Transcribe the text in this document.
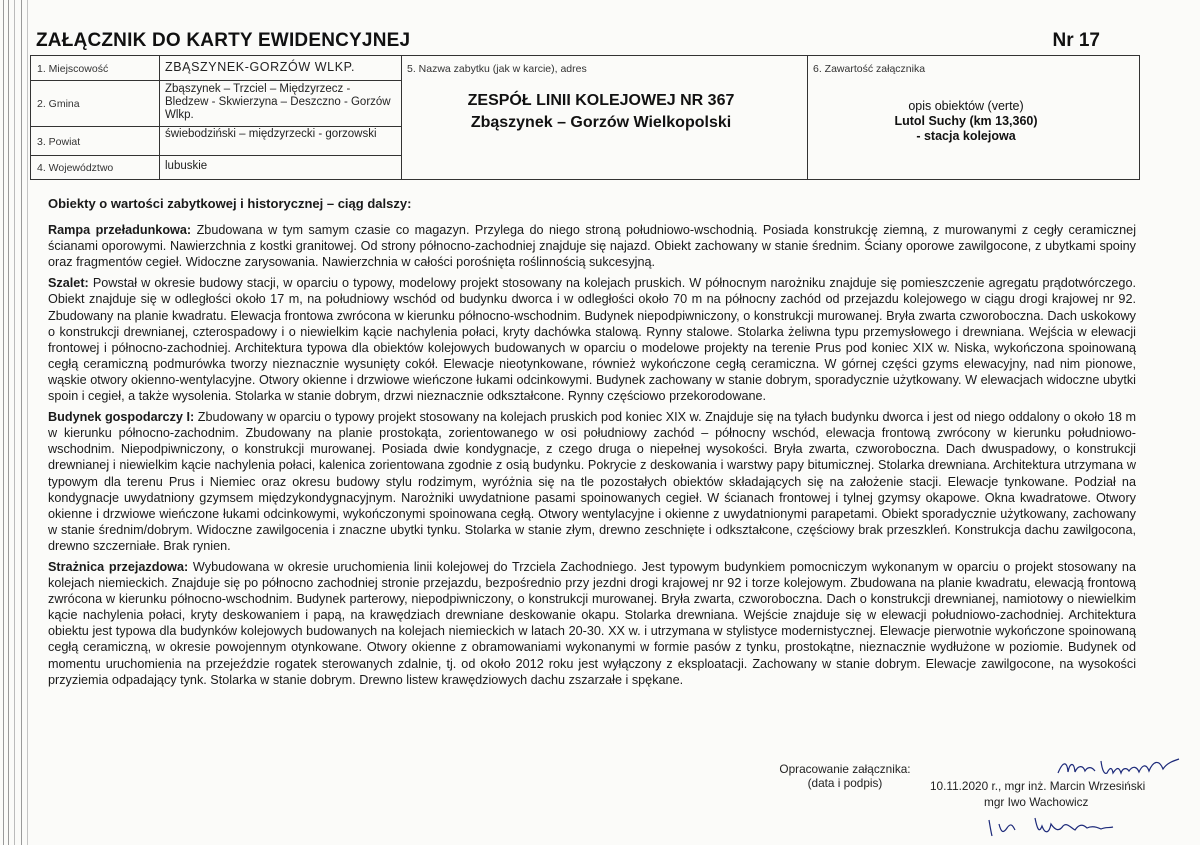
ZAŁĄCZNIK DO KARTY EWIDENCYJNEJ	Nr 17
1. Miejscowość	ZBĄSZYNEK-GORZÓW WLKP.
2. Gmina
Zbąszynek – Trzciel – Międzyrzecz - Bledzew - Skwierzyna – Deszczno - Gorzów Wlkp.
3. Powiat
świebodziński – międzyrzecki - gorzowski
4. Województwo	lubuskie
5. Nazwa zabytku (jak w karcie), adres
ZESPÓŁ LINII KOLEJOWEJ NR 367
Zbąszynek – Gorzów Wielkopolski
6. Zawartość załącznika
opis obiektów (verte)
Lutol Suchy (km 13,360)
- stacja kolejowa
Obiekty o wartości zabytkowej i historycznej – ciąg dalszy:

Rampa przeładunkowa: Zbudowana w tym samym czasie co magazyn. Przylega do niego stroną południowo-wschodnią. Posiada konstrukcję ziemną, z murowanymi z cegły ceramicznej ścianami oporowymi. Nawierzchnia z kostki granitowej. Od strony północno-zachodniej znajduje się najazd. Obiekt zachowany w stanie średnim. Ściany oporowe zawilgocone, z ubytkami spoiny oraz fragmentów cegieł. Widoczne zarysowania. Nawierzchnia w całości porośnięta roślinnością sukcesyjną.

Szalet: Powstał w okresie budowy stacji, w oparciu o typowy, modelowy projekt stosowany na kolejach pruskich. W północnym narożniku znajduje się pomieszczenie agregatu prądotwórczego. Obiekt znajduje się w odległości około 17 m, na południowy wschód od budynku dworca i w odległości około 70 m na północny zachód od przejazdu kolejowego w ciągu drogi krajowej nr 92. Zbudowany na planie kwadratu. Elewacja frontowa zwrócona w kierunku północno-wschodnim. Budynek niepodpiwniczony, o konstrukcji murowanej. Bryła zwarta czworoboczna. Dach uskokowy o konstrukcji drewnianej, czterospadowy i o niewielkim kącie nachylenia połaci, kryty dachówka stalową. Rynny stalowe. Stolarka żeliwna typu przemysłowego i drewniana. Wejścia w elewacji frontowej i północno-zachodniej. Architektura typowa dla obiektów kolejowych budowanych w oparciu o modelowe projekty na terenie Prus pod koniec XIX w. Niska, wykończona spoinowaną cegłą ceramiczną podmurówka tworzy nieznacznie wysunięty cokół. Elewacje nieotynkowane, również wykończone cegłą ceramiczna. W górnej części gzyms elewacyjny, nad nim pionowe, wąskie otwory okienno-wentylacyjne. Otwory okienne i drzwiowe wieńczone łukami odcinkowymi. Budynek zachowany w stanie dobrym, sporadycznie użytkowany. W elewacjach widoczne ubytki spoin i cegieł, a także wysolenia. Stolarka w stanie dobrym, drzwi nieznacznie odkształcone. Rynny częściowo przekorodowane.

Budynek gospodarczy I: Zbudowany w oparciu o typowy projekt stosowany na kolejach pruskich pod koniec XIX w. Znajduje się na tyłach budynku dworca i jest od niego oddalony o około 18 m w kierunku północno-zachodnim. Zbudowany na planie prostokąta, zorientowanego w osi południowy zachód – północny wschód, elewacja frontową zwrócony w kierunku południowo-wschodnim. Niepodpiwniczony, o konstrukcji murowanej. Posiada dwie kondygnacje, z czego druga o niepełnej wysokości. Bryła zwarta, czworoboczna. Dach dwuspadowy, o konstrukcji drewnianej i niewielkim kącie nachylenia połaci, kalenica zorientowana zgodnie z osią budynku. Pokrycie z deskowania i warstwy papy bitumicznej. Stolarka drewniana. Architektura utrzymana w typowym dla terenu Prus i Niemiec oraz okresu budowy stylu rodzimym, wyróżnia się na tle pozostałych obiektów składających się na założenie stacji. Elewacje tynkowane. Podział na kondygnacje uwydatniony gzymsem międzykondygnacyjnym. Narożniki uwydatnione pasami spoinowanych cegieł. W ścianach frontowej i tylnej gzymsy okapowe. Okna kwadratowe. Otwory okienne i drzwiowe wieńczone łukami odcinkowymi, wykończonymi spoinowana cegłą. Otwory wentylacyjne i okienne z uwydatnionymi parapetami. Obiekt sporadycznie użytkowany, zachowany w stanie średnim/dobrym. Widoczne zawilgocenia i znaczne ubytki tynku. Stolarka w stanie złym, drewno zeschnięte i odkształcone, częściowy brak przeszkleń. Konstrukcja dachu zawilgocona, drewno szczerniałe. Brak rynien.

Strażnica przejazdowa: Wybudowana w okresie uruchomienia linii kolejowej do Trzciela Zachodniego. Jest typowym budynkiem pomocniczym wykonanym w oparciu o projekt stosowany na kolejach niemieckich. Znajduje się po północno zachodniej stronie przejazdu, bezpośrednio przy jezdni drogi krajowej nr 92 i torze kolejowym. Zbudowana na planie kwadratu, elewacją frontową zwrócona w kierunku północno-wschodnim. Budynek parterowy, niepodpiwniczony, o konstrukcji murowanej. Bryła zwarta, czworoboczna. Dach o konstrukcji drewnianej, namiotowy o niewielkim kącie nachylenia połaci, kryty deskowaniem i papą, na krawędziach drewniane deskowanie okapu. Stolarka drewniana. Wejście znajduje się w elewacji południowo-zachodniej. Architektura obiektu jest typowa dla budynków kolejowych budowanych na kolejach niemieckich w latach 20-30. XX w. i utrzymana w stylistyce modernistycznej. Elewacje pierwotnie wykończone spoinowaną cegłą ceramiczną, w okresie powojennym otynkowane. Otwory okienne z obramowaniami wykonanymi w formie pasów z tynku, prostokątne, nieznacznie wydłużone w poziomie. Budynek od momentu uruchomienia na przejeździe rogatek sterowanych zdalnie, tj. od około 2012 roku jest wyłączony z eksploatacji. Zachowany w stanie dobrym. Elewacje zawilgocone, na wysokości przyziemia odpadający tynk. Stolarka w stanie dobrym. Drewno listew krawędziowych dachu zszarzałe i spękane.

Opracowanie załącznika:
(data i podpis)	10.11.2020 r., mgr inż. Marcin Wrzesiński
mgr Iwo Wachowicz
